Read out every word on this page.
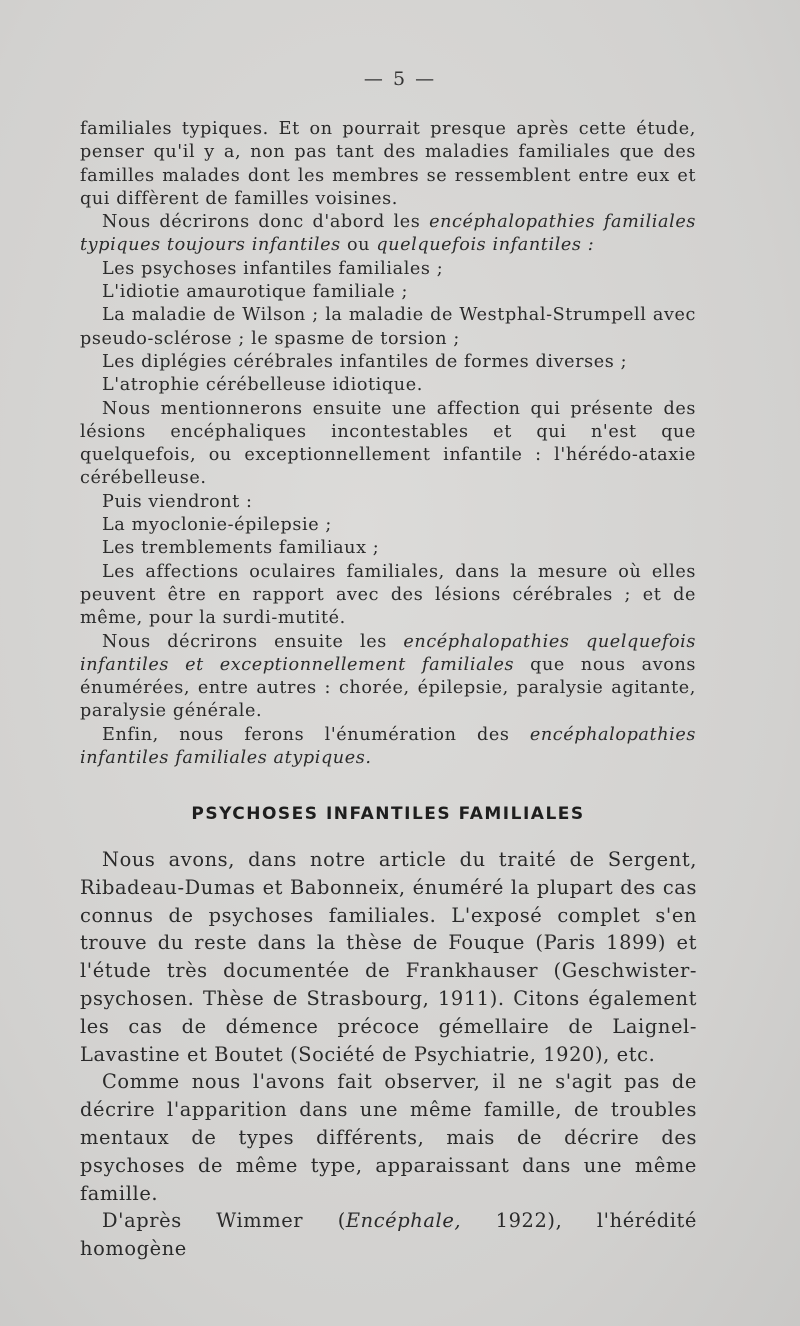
— 5 —

familiales typiques. Et on pourrait presque après cette étude, penser qu'il y a, non pas tant des maladies familiales que des familles malades dont les membres se ressemblent entre eux et qui diffèrent de familles voisines.

Nous décrirons donc d'abord les encéphalopathies familiales typiques toujours infantiles ou quelquefois infantiles :

Les psychoses infantiles familiales ;

L'idiotie amaurotique familiale ;

La maladie de Wilson ; la maladie de Westphal-Strumpell avec pseudo-sclérose ; le spasme de torsion ;

Les diplégies cérébrales infantiles de formes diverses ;

L'atrophie cérébelleuse idiotique.

Nous mentionnerons ensuite une affection qui présente des lésions encéphaliques incontestables et qui n'est que quelquefois, ou exceptionnellement infantile : l'hérédo-ataxie cérébelleuse.

Puis viendront :

La myoclonie-épilepsie ;

Les tremblements familiaux ;

Les affections oculaires familiales, dans la mesure où elles peuvent être en rapport avec des lésions cérébrales ; et de même, pour la surdi-mutité.

Nous décrirons ensuite les encéphalopathies quelquefois infantiles et exceptionnellement familiales que nous avons énumérées, entre autres : chorée, épilepsie, paralysie agitante, paralysie générale.

Enfin, nous ferons l'énumération des encéphalopathies infantiles familiales atypiques.

PSYCHOSES INFANTILES FAMILIALES

Nous avons, dans notre article du traité de Sergent, Ribadeau-Dumas et Babonneix, énuméré la plupart des cas connus de psychoses familiales. L'exposé complet s'en trouve du reste dans la thèse de Fouque (Paris 1899) et l'étude très documentée de Frankhauser (Geschwister-psychosen. Thèse de Strasbourg, 1911). Citons également les cas de démence précoce gémellaire de Laignel-Lavastine et Boutet (Société de Psychiatrie, 1920), etc.

Comme nous l'avons fait observer, il ne s'agit pas de décrire l'apparition dans une même famille, de troubles mentaux de types différents, mais de décrire des psychoses de même type, apparaissant dans une même famille.

D'après Wimmer (Encéphale, 1922), l'hérédité homogène
